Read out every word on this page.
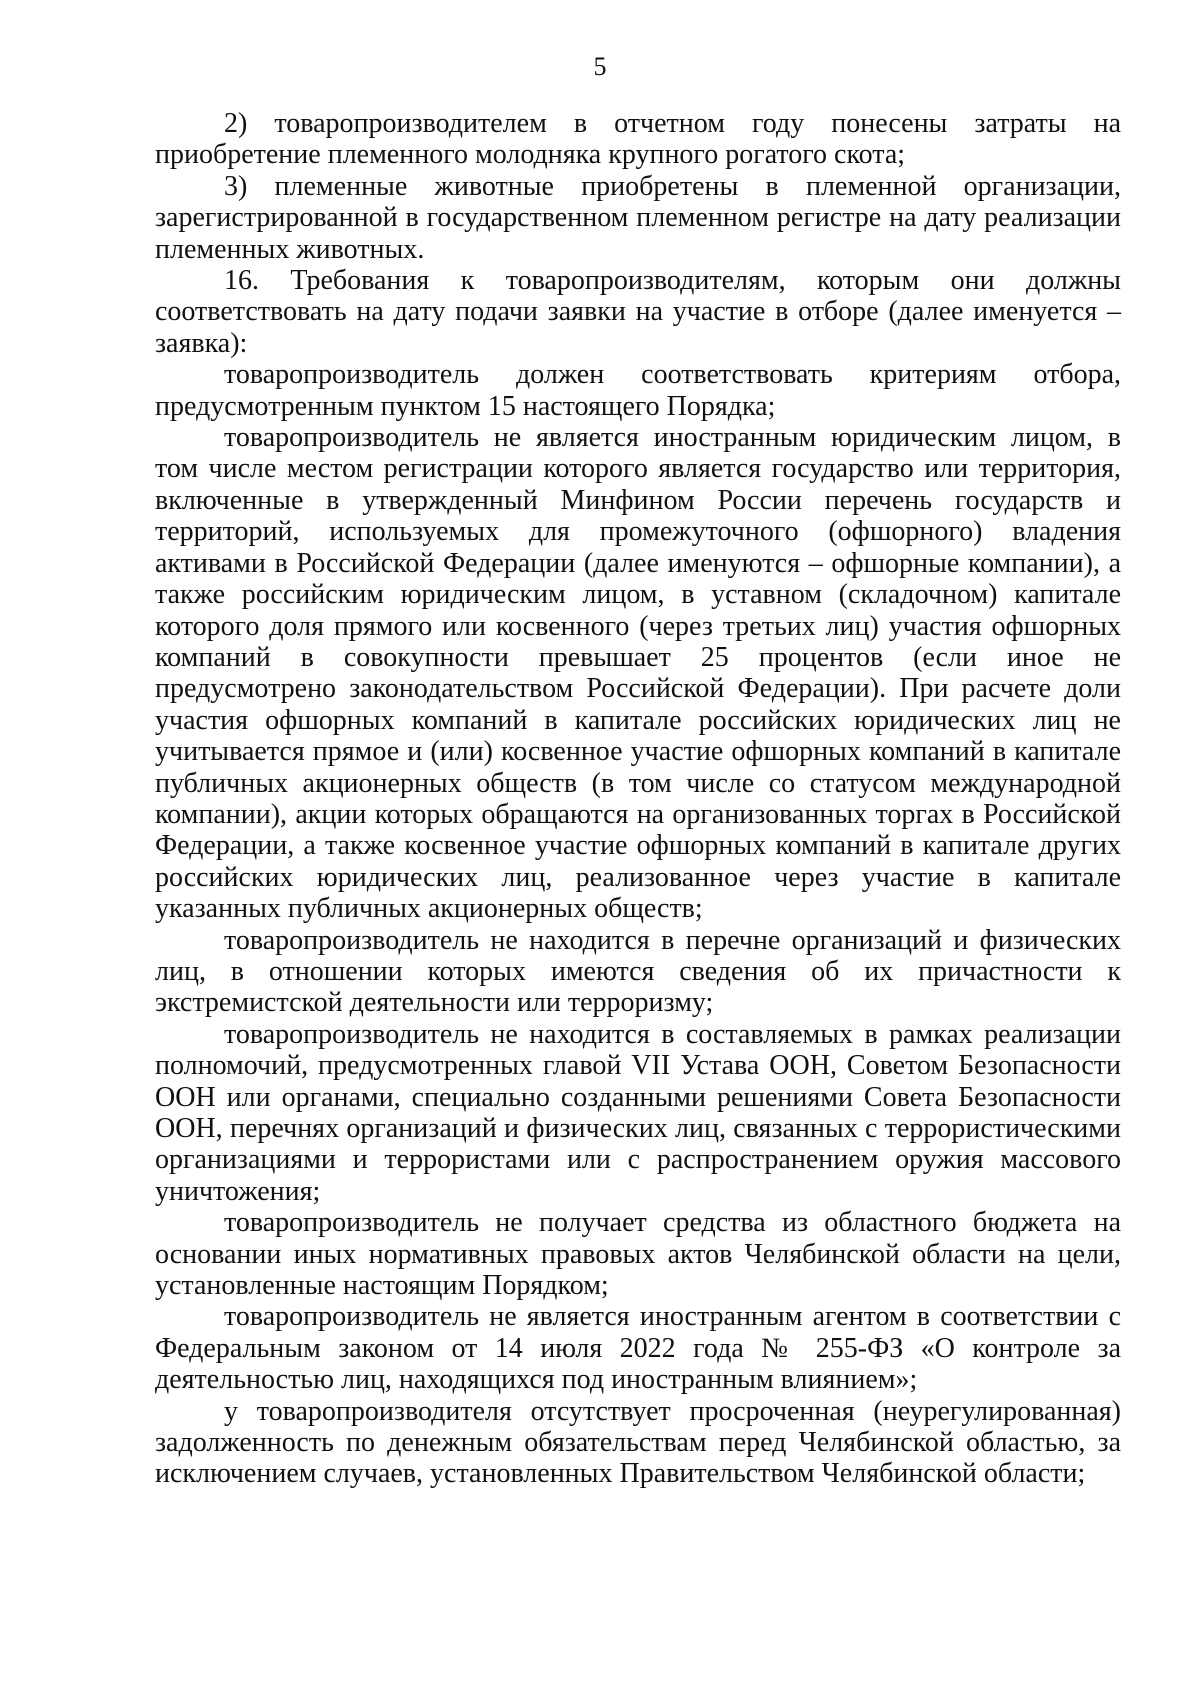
5

2) товаропроизводителем в отчетном году понесены затраты на приобретение племенного молодняка крупного рогатого скота;

3) племенные животные приобретены в племенной организации, зарегистрированной в государственном племенном регистре на дату реализации племенных животных.

16. Требования к товаропроизводителям, которым они должны соответствовать на дату подачи заявки на участие в отборе (далее именуется – заявка):

товаропроизводитель должен соответствовать критериям отбора, предусмотренным пунктом 15 настоящего Порядка;

товаропроизводитель не является иностранным юридическим лицом, в том числе местом регистрации которого является государство или территория, включенные в утвержденный Минфином России перечень государств и территорий, используемых для промежуточного (офшорного) владения активами в Российской Федерации (далее именуются – офшорные компании), а также российским юридическим лицом, в уставном (складочном) капитале которого доля прямого или косвенного (через третьих лиц) участия офшорных компаний в совокупности превышает 25 процентов (если иное не предусмотрено законодательством Российской Федерации). При расчете доли участия офшорных компаний в капитале российских юридических лиц не учитывается прямое и (или) косвенное участие офшорных компаний в капитале публичных акционерных обществ (в том числе со статусом международной компании), акции которых обращаются на организованных торгах в Российской Федерации, а также косвенное участие офшорных компаний в капитале других российских юридических лиц, реализованное через участие в капитале указанных публичных акционерных обществ;

товаропроизводитель не находится в перечне организаций и физических лиц, в отношении которых имеются сведения об их причастности к экстремистской деятельности или терроризму;

товаропроизводитель не находится в составляемых в рамках реализации полномочий, предусмотренных главой VII Устава ООН, Советом Безопасности ООН или органами, специально созданными решениями Совета Безопасности ООН, перечнях организаций и физических лиц, связанных с террористическими организациями и террористами или с распространением оружия массового уничтожения;

товаропроизводитель не получает средства из областного бюджета на основании иных нормативных правовых актов Челябинской области на цели, установленные настоящим Порядком;

товаропроизводитель не является иностранным агентом в соответствии с Федеральным законом от 14 июля 2022 года № 255-ФЗ «О контроле за деятельностью лиц, находящихся под иностранным влиянием»;

у товаропроизводителя отсутствует просроченная (неурегулированная) задолженность по денежным обязательствам перед Челябинской областью, за исключением случаев, установленных Правительством Челябинской области;
